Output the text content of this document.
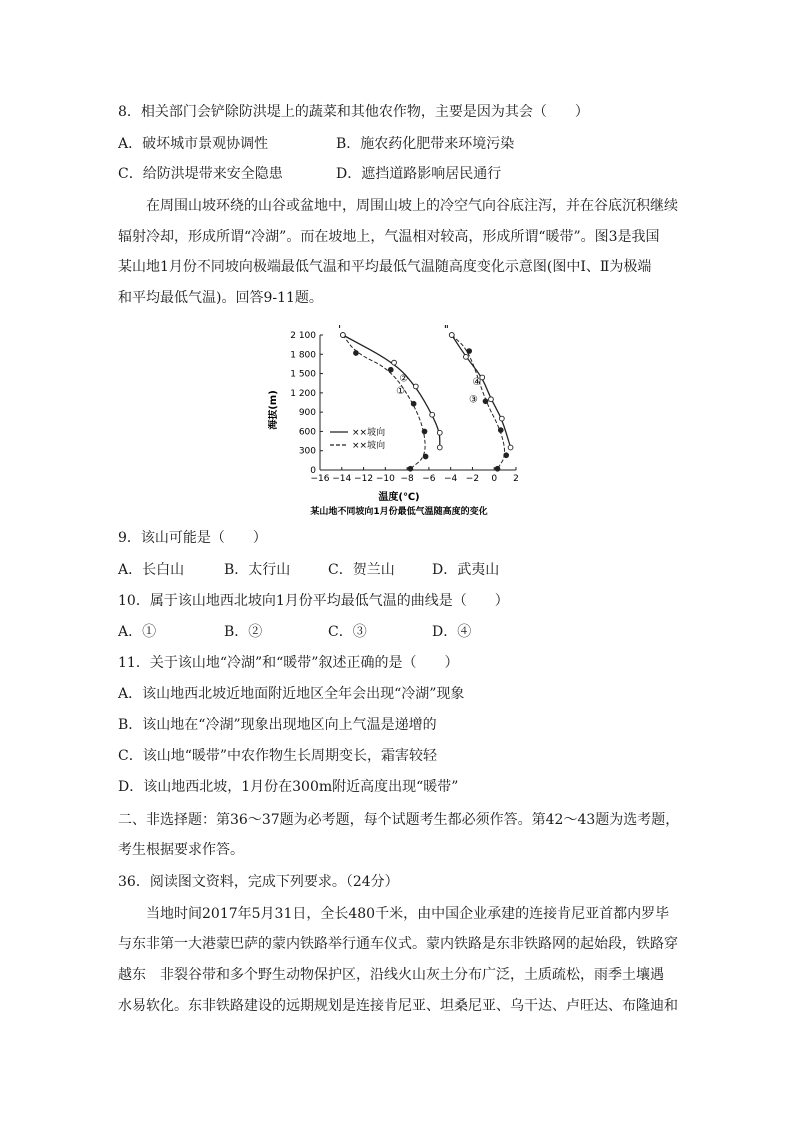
8．相关部门会铲除防洪堤上的蔬菜和其他农作物，主要是因为其会（　　）
A．破坏城市景观协调性	B．施农药化肥带来环境污染
C．给防洪堤带来安全隐患	D．遮挡道路影响居民通行
在周围山坡环绕的山谷或盆地中，周围山坡上的冷空气向谷底注泻，并在谷底沉积继续
辐射冷却，形成所谓“冷湖”。而在坡地上，气温相对较高，形成所谓“暖带”。图3是我国
某山地1月份不同坡向极端最低气温和平均最低气温随高度变化示意图(图中Ⅰ、Ⅱ为极端
和平均最低气温)。回答9-11题。
海拔(m)
温度(℃)
某山地不同坡向1月份最低气温随高度的变化
−16 −14 −12 −10 −8 −6 −4 −2 0 2
0
300
600
900
1 200
1 500
1 800
2 100
①
②
③
④
Ⅰ	Ⅱ
××坡向
××坡向
9．该山可能是（　　）
A．长白山	B．太行山	C．贺兰山	D．武夷山
10．属于该山地西北坡向1月份平均最低气温的曲线是（　　）
A．①	B．②	C．③	D．④
11．关于该山地“冷湖”和“暖带”叙述正确的是（　　）
A．该山地西北坡近地面附近地区全年会出现“冷湖”现象
B．该山地在“冷湖”现象出现地区向上气温是递增的
C．该山地“暖带”中农作物生长周期变长，霜害较轻
D．该山地西北坡，1月份在300m附近高度出现“暖带”
二、非选择题：第36～37题为必考题，每个试题考生都必须作答。第42～43题为选考题，
考生根据要求作答。
36．阅读图文资料，完成下列要求。（24分）
当地时间2017年5月31日，全长480千米，由中国企业承建的连接肯尼亚首都内罗毕
与东非第一大港蒙巴萨的蒙内铁路举行通车仪式。蒙内铁路是东非铁路网的起始段，铁路穿
越东　非裂谷带和多个野生动物保护区，沿线火山灰土分布广泛，土质疏松，雨季土壤遇
水易软化。东非铁路建设的远期规划是连接肯尼亚、坦桑尼亚、乌干达、卢旺达、布隆迪和
